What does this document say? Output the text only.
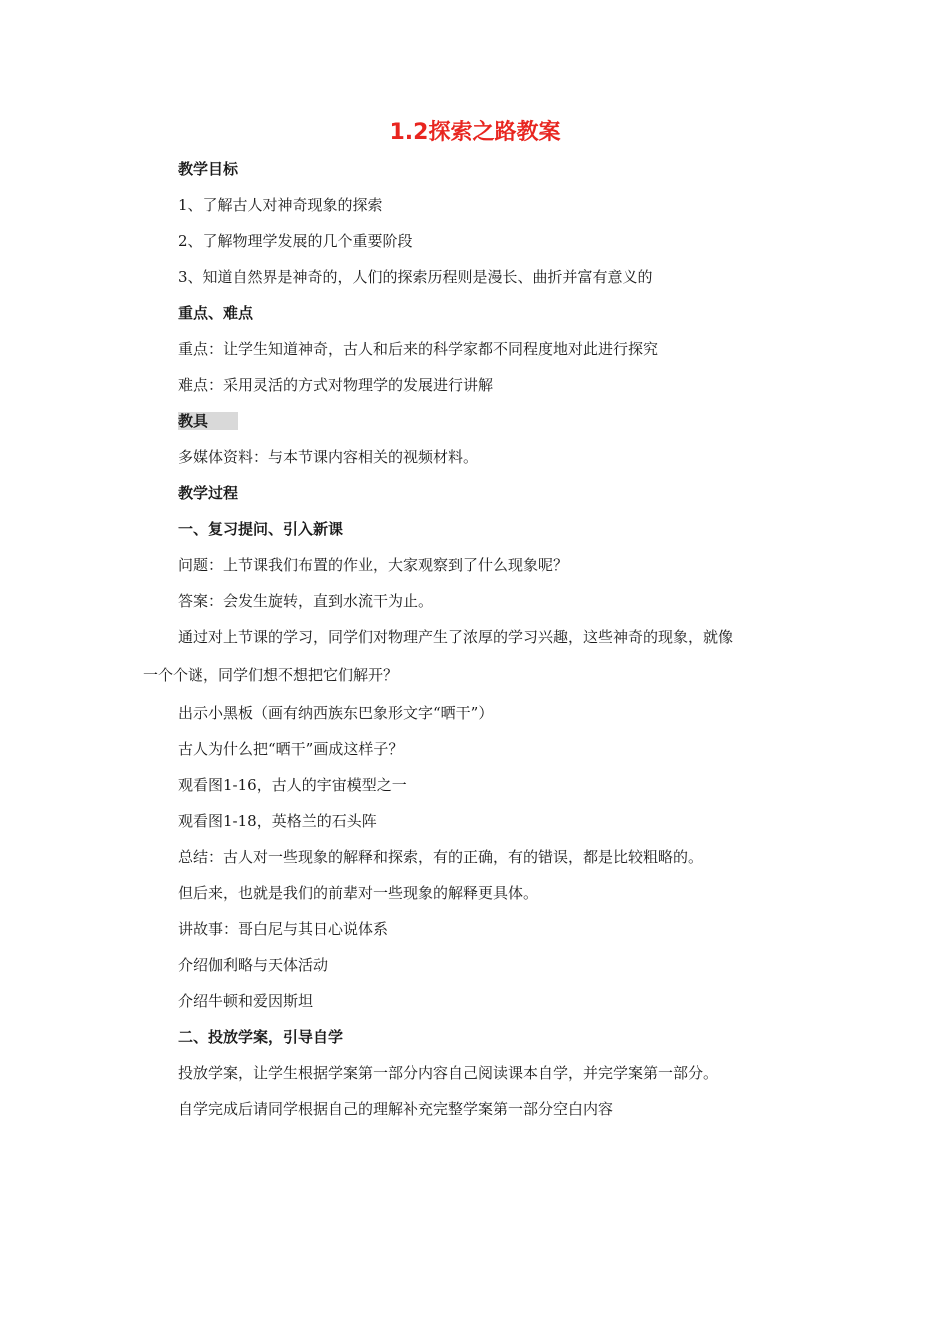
1.2探索之路教案

教学目标

1、了解古人对神奇现象的探索

2、了解物理学发展的几个重要阶段

3、知道自然界是神奇的，人们的探索历程则是漫长、曲折并富有意义的

重点、难点

重点：让学生知道神奇，古人和后来的科学家都不同程度地对此进行探究

难点：采用灵活的方式对物理学的发展进行讲解

教具

多媒体资料：与本节课内容相关的视频材料。

教学过程

一、复习提问、引入新课

问题：上节课我们布置的作业，大家观察到了什么现象呢？

答案：会发生旋转，直到水流干为止。

通过对上节课的学习，同学们对物理产生了浓厚的学习兴趣，这些神奇的现象，就像

一个个谜，同学们想不想把它们解开？

出示小黑板（画有纳西族东巴象形文字“晒干”）

古人为什么把“晒干”画成这样子？

观看图1-16，古人的宇宙模型之一

观看图1-18，英格兰的石头阵

总结：古人对一些现象的解释和探索，有的正确，有的错误，都是比较粗略的。

但后来，也就是我们的前辈对一些现象的解释更具体。

讲故事：哥白尼与其日心说体系

介绍伽利略与天体活动

介绍牛顿和爱因斯坦

二、投放学案，引导自学

投放学案，让学生根据学案第一部分内容自己阅读课本自学，并完学案第一部分。

自学完成后请同学根据自己的理解补充完整学案第一部分空白内容
